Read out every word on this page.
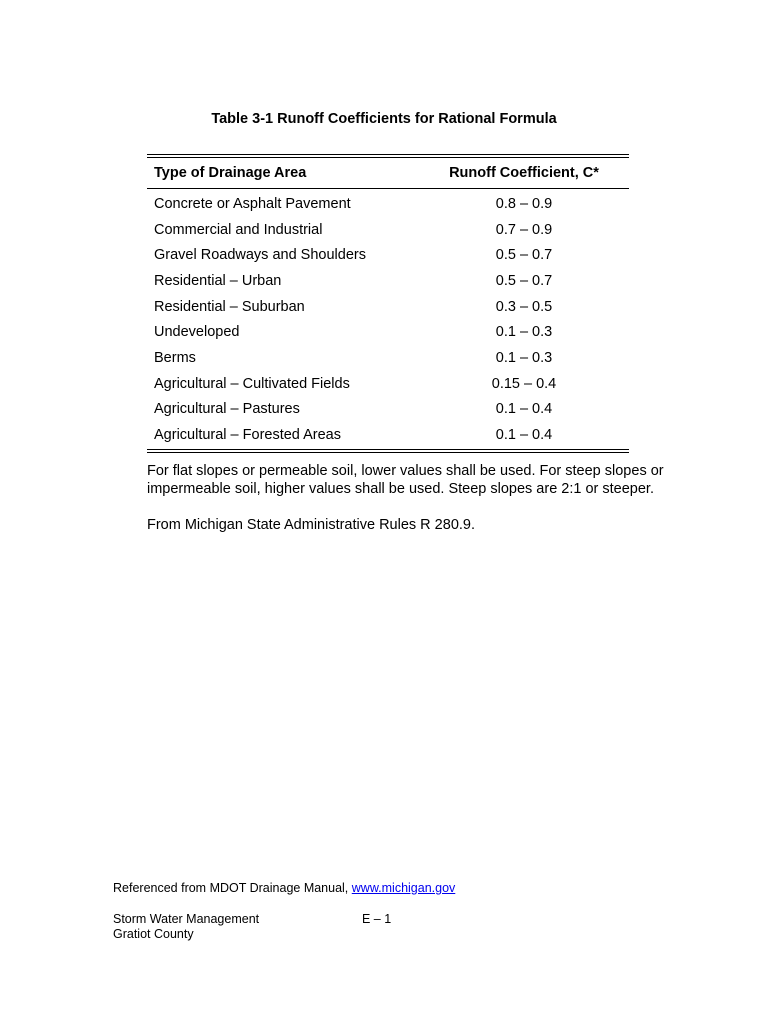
Table 3-1 Runoff Coefficients for Rational Formula
Type of Drainage Area	Runoff Coefficient, C*
Concrete or Asphalt Pavement	0.8 – 0.9
Commercial and Industrial	0.7 – 0.9
Gravel Roadways and Shoulders	0.5 – 0.7
Residential – Urban	0.5 – 0.7
Residential – Suburban	0.3 – 0.5
Undeveloped	0.1 – 0.3
Berms	0.1 – 0.3
Agricultural – Cultivated Fields	0.15 – 0.4
Agricultural – Pastures	0.1 – 0.4
Agricultural – Forested Areas	0.1 – 0.4

For flat slopes or permeable soil, lower values shall be used. For steep slopes or impermeable soil, higher values shall be used. Steep slopes are 2:1 or steeper.

From Michigan State Administrative Rules R 280.9.

Referenced from MDOT Drainage Manual, www.michigan.gov
Storm Water Management
Gratiot County
E – 1
